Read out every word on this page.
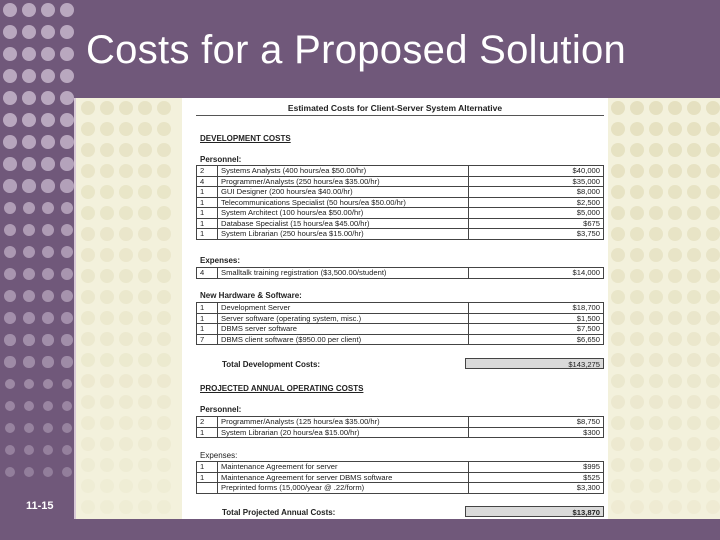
Costs for a Proposed Solution
11-15
Estimated Costs for Client-Server System Alternative
DEVELOPMENT COSTS
Personnel:
2	Systems Analysts (400 hours/ea $50.00/hr)	$40,000
4	Programmer/Analysts (250 hours/ea $35.00/hr)	$35,000
1	GUI Designer (200 hours/ea $40.00/hr)	$8,000
1	Telecommunications Specialist (50 hours/ea $50.00/hr)	$2,500
1	System Architect (100 hours/ea $50.00/hr)	$5,000
1	Database Specialist (15 hours/ea $45.00/hr)	$675
1	System Librarian (250 hours/ea $15.00/hr)	$3,750
Expenses:
4	Smalltalk training registration ($3,500.00/student)	$14,000
New Hardware & Software:
1	Development Server	$18,700
1	Server software (operating system, misc.)	$1,500
1	DBMS server software	$7,500
7	DBMS client software ($950.00 per client)	$6,650
Total Development Costs:	$143,275
PROJECTED ANNUAL OPERATING COSTS
Personnel:
2	Programmer/Analysts (125 hours/ea $35.00/hr)	$8,750
1	System Librarian (20 hours/ea $15.00/hr)	$300
Expenses:
1	Maintenance Agreement for server	$995
1	Maintenance Agreement for server DBMS software	$525
	Preprinted forms (15,000/year @ .22/form)	$3,300
Total Projected Annual Costs:	$13,870
